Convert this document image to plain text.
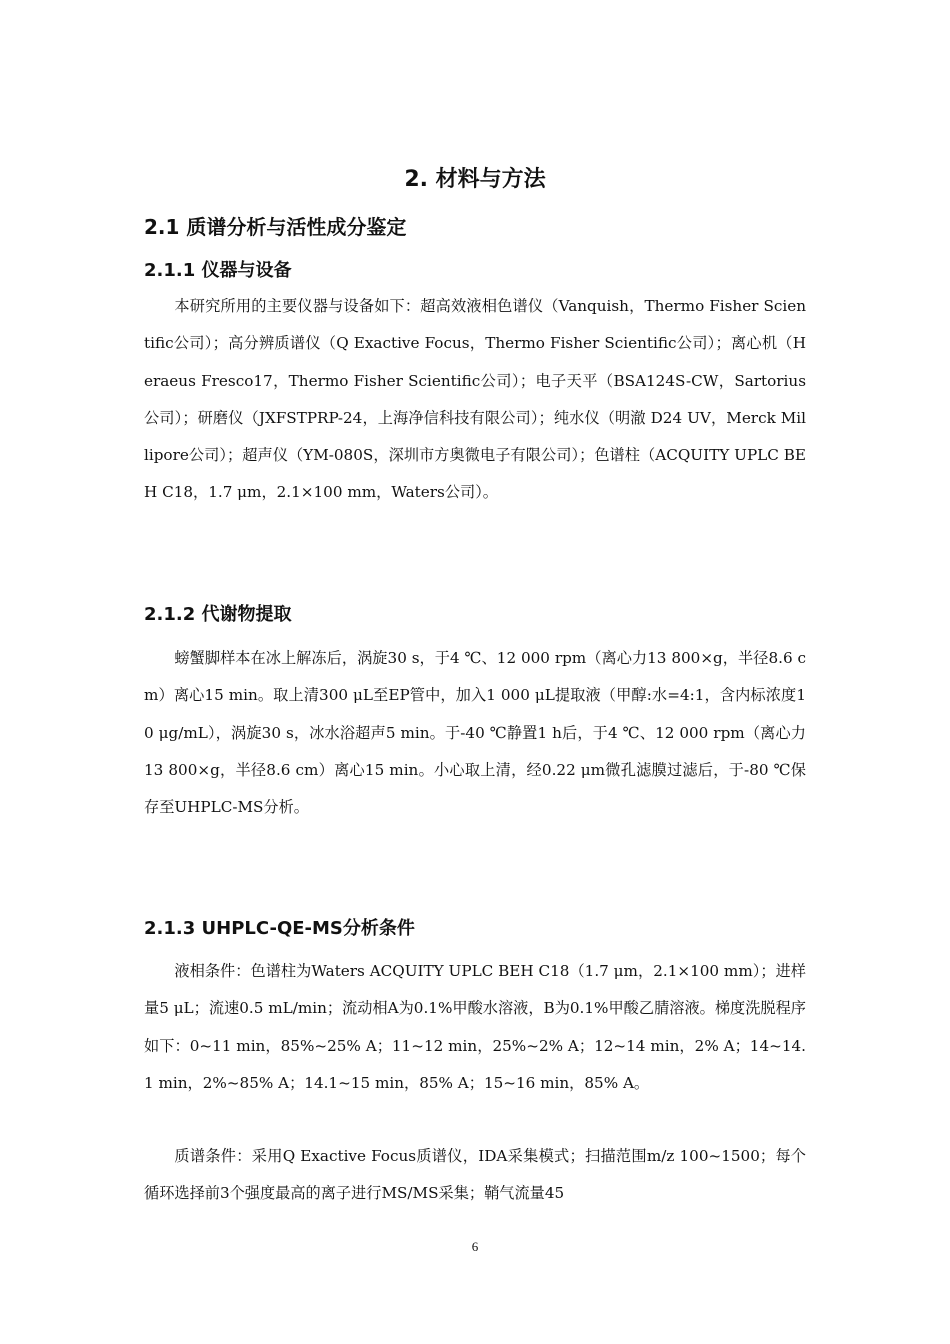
2. 材料与方法
2.1 质谱分析与活性成分鉴定
2.1.1 仪器与设备

本研究所用的主要仪器与设备如下：超高效液相色谱仪（Vanquish，Thermo Fisher Scientific公司）；高分辨质谱仪（Q Exactive Focus，Thermo Fisher Scientific公司）；离心机（Heraeus Fresco17，Thermo Fisher Scientific公司）；电子天平（BSA124S-CW，Sartorius公司）；研磨仪（JXFSTPRP-24，上海净信科技有限公司）；纯水仪（明澈 D24 UV，Merck Millipore公司）；超声仪（YM-080S，深圳市方奥微电子有限公司）；色谱柱（ACQUITY UPLC BEH C18，1.7 μm，2.1×100 mm，Waters公司）。

2.1.2 代谢物提取

螃蟹脚样本在冰上解冻后，涡旋30 s，于4 ℃、12 000 rpm（离心力13 800×g，半径8.6 cm）离心15 min。取上清300 μL至EP管中，加入1 000 μL提取液（甲醇:水=4:1，含内标浓度10 μg/mL），涡旋30 s，冰水浴超声5 min。于-40 ℃静置1 h后，于4 ℃、12 000 rpm（离心力13 800×g，半径8.6 cm）离心15 min。小心取上清，经0.22 μm微孔滤膜过滤后，于-80 ℃保存至UHPLC-MS分析。

2.1.3 UHPLC-QE-MS分析条件

液相条件：色谱柱为Waters ACQUITY UPLC BEH C18（1.7 μm，2.1×100 mm）；进样量5 μL；流速0.5 mL/min；流动相A为0.1%甲酸水溶液，B为0.1%甲酸乙腈溶液。梯度洗脱程序如下：0~11 min，85%~25% A；11~12 min，25%~2% A；12~14 min，2% A；14~14.1 min，2%~85% A；14.1~15 min，85% A；15~16 min，85% A。

质谱条件：采用Q Exactive Focus质谱仪，IDA采集模式；扫描范围m/z 100~1500；每个循环选择前3个强度最高的离子进行MS/MS采集；鞘气流量45

6
